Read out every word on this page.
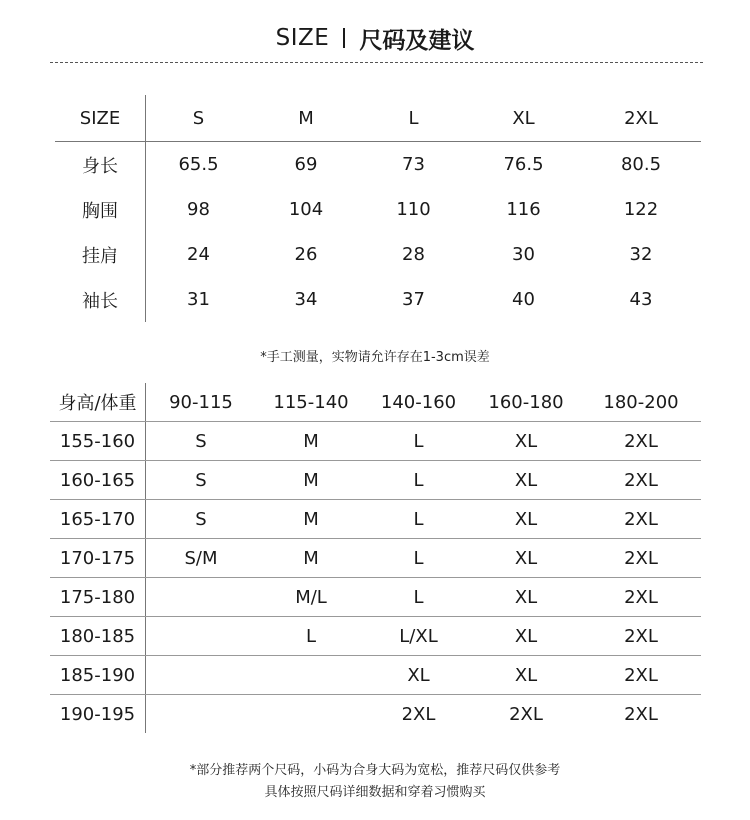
SIZE 尺码及建议
SIZE	S	M	L	XL	2XL
身长	65.5	69	73	76.5	80.5
胸围	98	104	110	116	122
挂肩	24	26	28	30	32
袖长	31	34	37	40	43
*手工测量，实物请允许存在1-3cm误差
身高/体重	90-115	115-140	140-160	160-180	180-200
155-160	S	M	L	XL	2XL
160-165	S	M	L	XL	2XL
165-170	S	M	L	XL	2XL
170-175	S/M	M	L	XL	2XL
175-180		M/L	L	XL	2XL
180-185		L	L/XL	XL	2XL
185-190			XL	XL	2XL
190-195			2XL	2XL	2XL
*部分推荐两个尺码，小码为合身大码为宽松，推荐尺码仅供参考
具体按照尺码详细数据和穿着习惯购买
